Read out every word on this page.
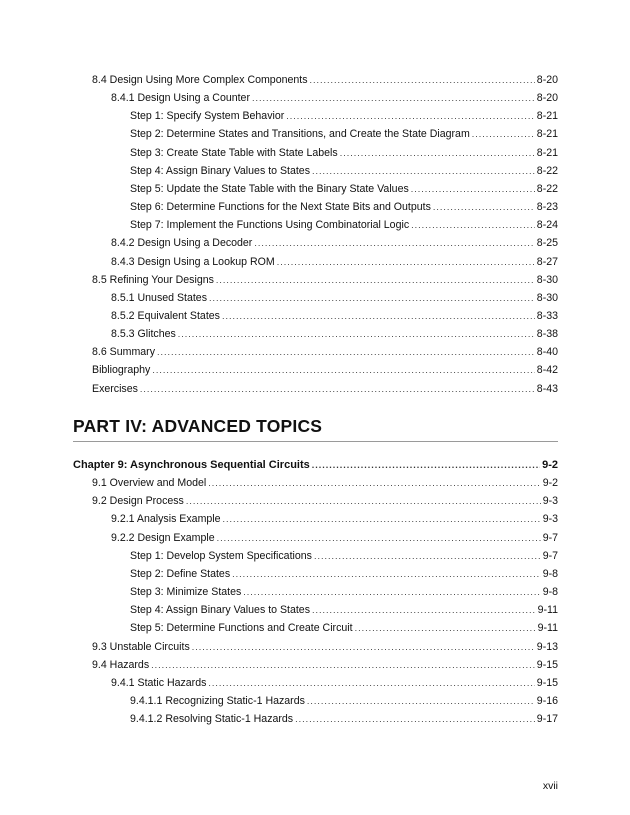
8.4 Design Using More Complex Components .....	8-20
8.4.1 Design Using a Counter .....	8-20
Step 1: Specify System Behavior .....	8-21
Step 2: Determine States and Transitions, and Create the State Diagram .....	8-21
Step 3: Create State Table with State Labels .....	8-21
Step 4: Assign Binary Values to States .....	8-22
Step 5: Update the State Table with the Binary State Values .....	8-22
Step 6: Determine Functions for the Next State Bits and Outputs .....	8-23
Step 7: Implement the Functions Using Combinatorial Logic .....	8-24
8.4.2 Design Using a Decoder .....	8-25
8.4.3 Design Using a Lookup ROM .....	8-27
8.5 Refining Your Designs .....	8-30
8.5.1 Unused States .....	8-30
8.5.2 Equivalent States .....	8-33
8.5.3 Glitches .....	8-38
8.6 Summary .....	8-40
Bibliography .....	8-42
Exercises .....	8-43
PART IV: ADVANCED TOPICS
Chapter 9: Asynchronous Sequential Circuits .....	9-2
9.1 Overview and Model .....	9-2
9.2 Design Process .....	9-3
9.2.1 Analysis Example .....	9-3
9.2.2 Design Example .....	9-7
Step 1: Develop System Specifications .....	9-7
Step 2: Define States .....	9-8
Step 3: Minimize States .....	9-8
Step 4: Assign Binary Values to States .....	9-11
Step 5: Determine Functions and Create Circuit .....	9-11
9.3 Unstable Circuits .....	9-13
9.4 Hazards .....	9-15
9.4.1 Static Hazards .....	9-15
9.4.1.1 Recognizing Static-1 Hazards .....	9-16
9.4.1.2 Resolving Static-1 Hazards .....	9-17
xvii
